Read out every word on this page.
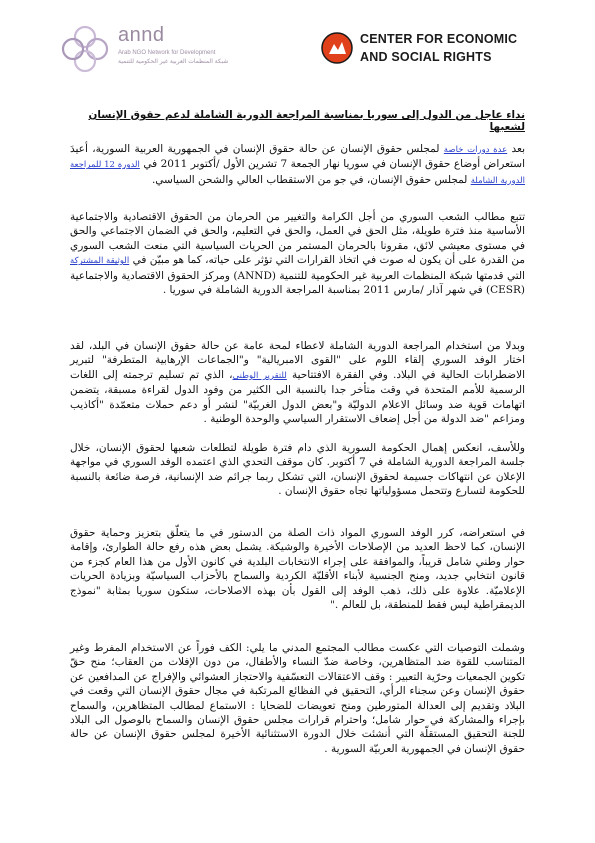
annd
Arab NGO Network for Development
شبكة المنظمات العربية غير الحكومية للتنمية
CENTER FOR ECONOMIC
AND SOCIAL RIGHTS
نداء عاجل من الدول إلى سوريا بمناسبة المراجعة الدورية الشاملة لدعم حقوق الإنسان لشعبها
بعد عدة دورات خاصة لمجلس حقوق الإنسان عن حالة حقوق الإنسان في الجمهورية العربية السورية، أعيدَ استعراض أوضاع حقوق الإنسان في سوريا نهار الجمعة 7 تشرين الأول /أكتوبر 2011 في الدورة 12 للمراجعة الدورية الشاملة لمجلس حقوق الإنسان، في جو من الاستقطاب العالي والشحن السياسي.
تتبع مطالب الشعب السوري من أجل الكرامة والتغيير من الحرمان من الحقوق الاقتصادية والاجتماعية الأساسية منذ فترة طويلة، مثل الحق في العمل، والحق في التعليم، والحق في الضمان الاجتماعي والحق في مستوى معيشي لائق، مقرونا بالحرمان المستمر من الحريات السياسية التي منعت الشعب السوري من القدرة على أن يكون له صوت في اتخاذ القرارات التي تؤثر على حياته، كما هو مبيّن في الوثيقة المشتركة التي قدمتها شبكة المنظمات العربية غير الحكومية للتنمية (ANND) ومركز الحقوق الاقتصادية والاجتماعية (CESR) في شهر آذار /مارس 2011 بمناسبة المراجعة الدورية الشاملة في سوريا .
وبدلا من استخدام المراجعة الدورية الشاملة لاعطاء لمحة عامة عن حالة حقوق الإنسان في البلد، لقد اختار الوفد السوري إلقاء اللوم على "القوى الامبريالية" و"الجماعات الإرهابية المتطرفة" لتبرير الاضطرابات الحالية في البلاد. وفي الفقرة الافتتاحية للتقرير الوطني، الذي تم تسليم ترجمته إلى اللغات الرسمية للأمم المتحدة في وقت متأخر جدا بالنسبة الى الكثير من وفود الدول لقراءة مسبقة، يتضمن اتهامات قوية ضد وسائل الاعلام الدوليّة و"بعض الدول الغربيّة" لنشر أو دعم حملات متعمّدة "أكاذيب ومزاعم "ضد الدولة من أجل إضعاف الاستقرار السياسي والوحدة الوطنية .
وللأسف، انعكس إهمال الحكومة السورية الذي دام فترة طويلة لتطلعات شعبها لحقوق الإنسان، خلال جلسة المراجعة الدورية الشاملة في 7 أكتوبر. كان موقف التحدي الذي اعتمده الوفد السوري في مواجهة الإعلان عن انتهاكات جسيمة لحقوق الإنسان، التي تشكل ربما جرائم ضد الإنسانية، فرصة ضائعة بالنسبة للحكومة لتسارع وتتحمل مسؤولياتها تجاه حقوق الإنسان .
في استعراضه، كرر الوفد السوري المواد ذات الصلة من الدستور في ما يتعلّق بتعزيز وحماية حقوق الإنسان، كما لاحظ العديد من الإصلاحات الأخيرة والوشيكة. يشمل بعض هذه رفع حالة الطوارئ، وإقامة حوار وطني شامل قريباً، والموافقة على إجراء الانتخابات البلدية في كانون الأول من هذا العام كجزء من قانون انتخابي جديد، ومنح الجنسية لأبناء الأقليّة الكردية والسماح بالأحزاب السياسيّة وبزيادة الحريات الإعلاميّة. علاوة على ذلك، ذهب الوفد إلى القول بأن بهذه الاصلاحات، ستكون سوريا بمثابة "نموذج الديمقراطية ليس فقط للمنطقة، بل للعالم ."
وشملت التوصيات التي عكست مطالب المجتمع المدني ما يلي: الكف فوراً عن الاستخدام المفرط وغير المتناسب للقوة ضد المتظاهرين، وخاصة ضدّ النساء والأطفال، من دون الإفلات من العقاب؛ منح حقّ تكوين الجمعيات وحرّية التعبير : وقف الاعتقالات التعسّفية والاحتجاز العشوائي والإفراج عن المدافعين عن حقوق الإنسان وعن سجناء الرأي، التحقيق في الفظائع المرتكبة في مجال حقوق الإنسان التي وقعت في البلاد وتقديم إلى العدالة المتورطين ومنح تعويضات للضحايا : الاستماع لمطالب المتظاهرين، والسماح بإجراء والمشاركة في حوار شامل؛ واحترام قرارات مجلس حقوق الإنسان والسماح بالوصول الى البلاد للجنة التحقيق المستقلّة التي أنشئت خلال الدورة الاستثنائية الأخيرة لمجلس حقوق الإنسان عن حالة حقوق الإنسان في الجمهورية العربيّة السورية .
